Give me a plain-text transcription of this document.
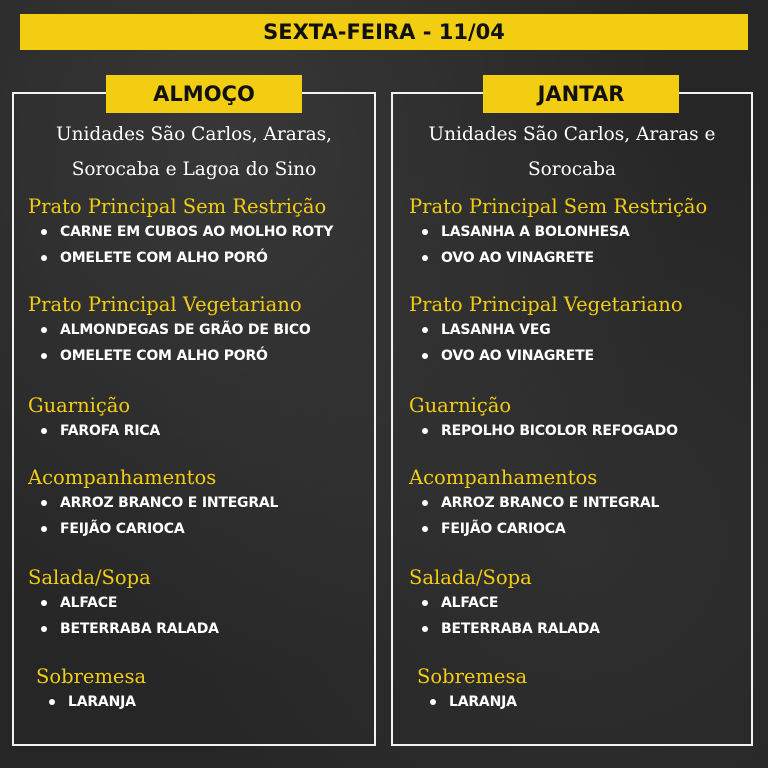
SEXTA-FEIRA - 11/04
ALMOÇO
Unidades São Carlos, Araras,
Sorocaba e Lagoa do Sino
Prato Principal Sem Restrição
CARNE EM CUBOS AO MOLHO ROTY
OMELETE COM ALHO PORÓ
Prato Principal Vegetariano
ALMONDEGAS DE GRÃO DE BICO
OMELETE COM ALHO PORÓ
Guarnição
FAROFA RICA
Acompanhamentos
ARROZ BRANCO E INTEGRAL
FEIJÃO CARIOCA
Salada/Sopa
ALFACE
BETERRABA RALADA
Sobremesa
LARANJA
JANTAR
Unidades São Carlos, Araras e
Sorocaba
Prato Principal Sem Restrição
LASANHA A BOLONHESA
OVO AO VINAGRETE
Prato Principal Vegetariano
LASANHA VEG
OVO AO VINAGRETE
Guarnição
REPOLHO BICOLOR REFOGADO
Acompanhamentos
ARROZ BRANCO E INTEGRAL
FEIJÃO CARIOCA
Salada/Sopa
ALFACE
BETERRABA RALADA
Sobremesa
LARANJA
